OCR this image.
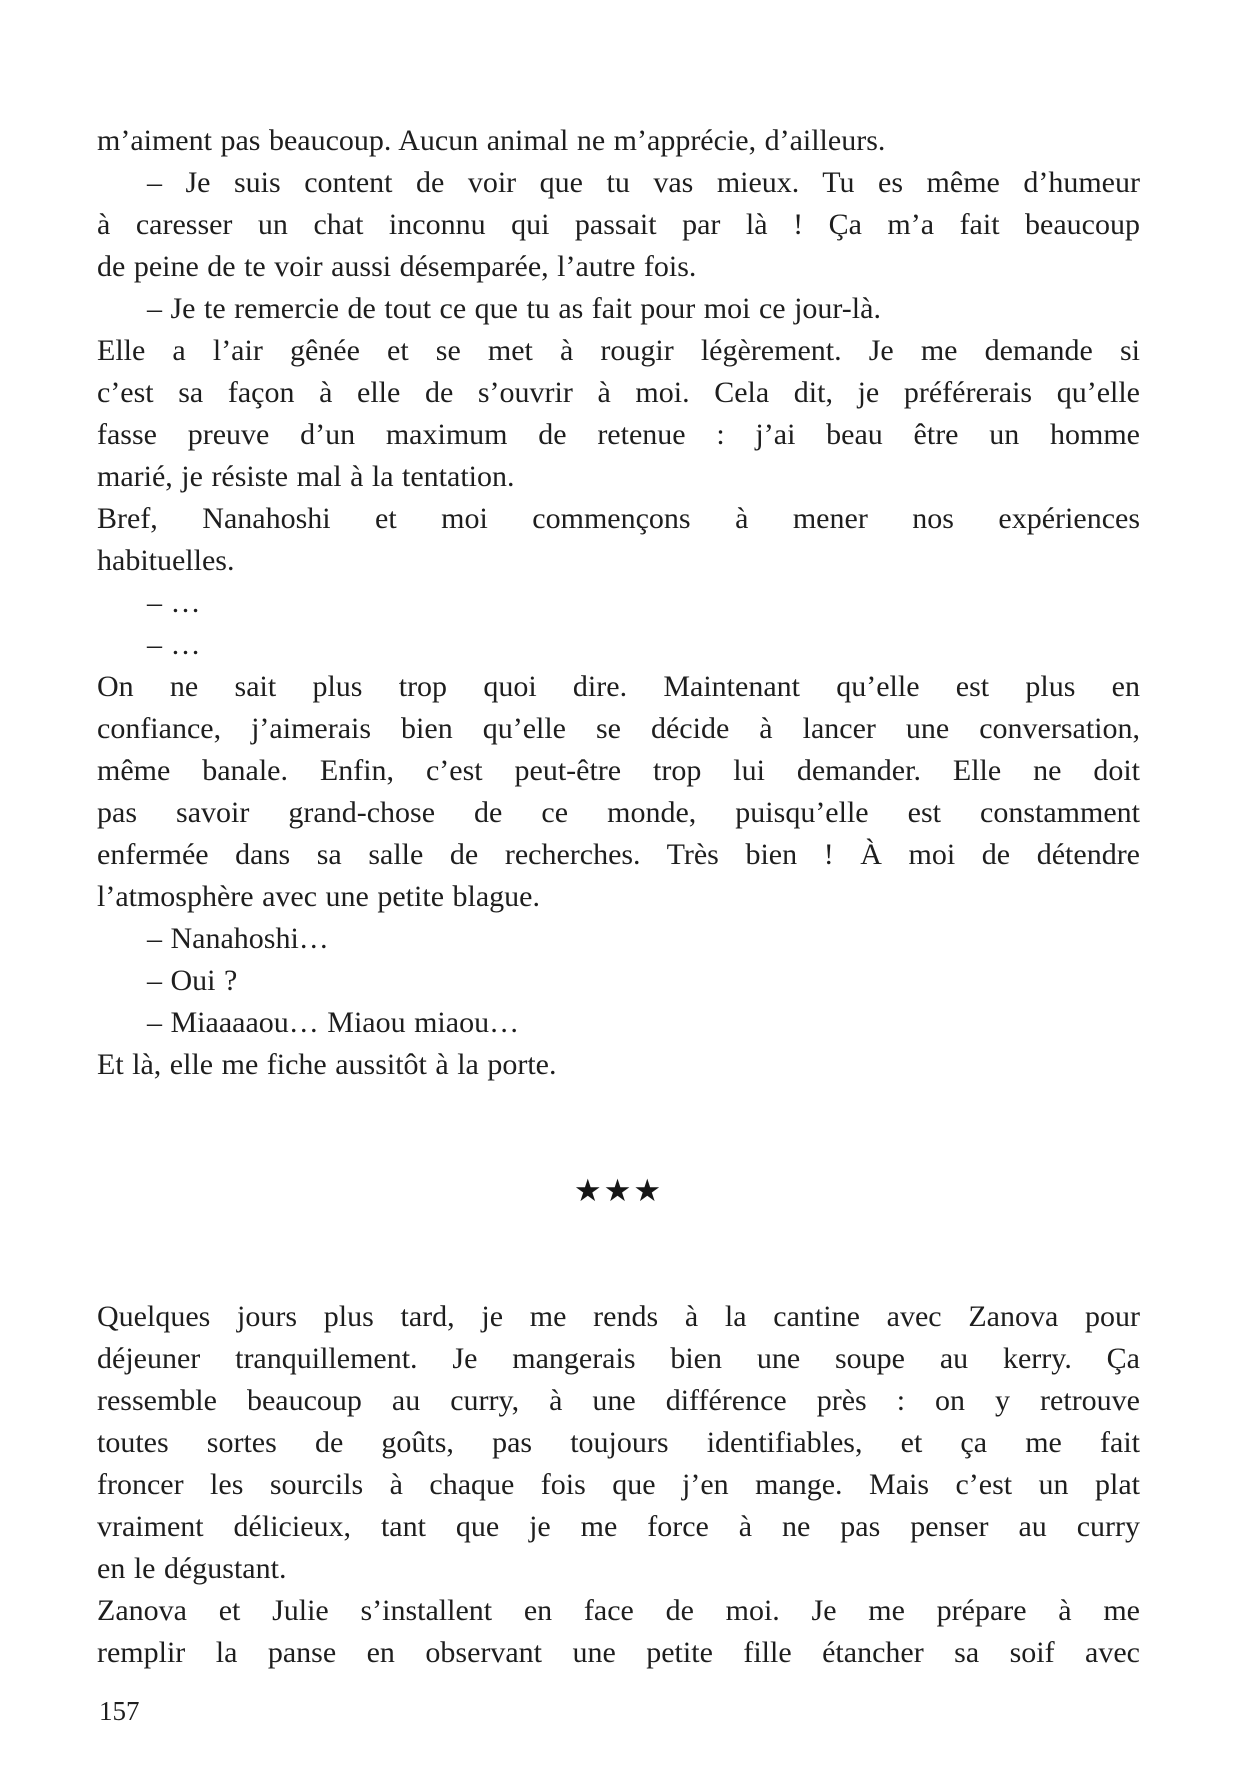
m’aiment pas beaucoup. Aucun animal ne m’apprécie, d’ailleurs.
– Je suis content de voir que tu vas mieux. Tu es même d’humeur
à caresser un chat inconnu qui passait par là ! Ça m’a fait beaucoup
de peine de te voir aussi désemparée, l’autre fois.
– Je te remercie de tout ce que tu as fait pour moi ce jour-là.
Elle a l’air gênée et se met à rougir légèrement. Je me demande si
c’est sa façon à elle de s’ouvrir à moi. Cela dit, je préférerais qu’elle
fasse preuve d’un maximum de retenue : j’ai beau être un homme
marié, je résiste mal à la tentation.
Bref, Nanahoshi et moi commençons à mener nos expériences
habituelles.
– …
– …
On ne sait plus trop quoi dire. Maintenant qu’elle est plus en
confiance, j’aimerais bien qu’elle se décide à lancer une conversation,
même banale. Enfin, c’est peut-être trop lui demander. Elle ne doit
pas savoir grand-chose de ce monde, puisqu’elle est constamment
enfermée dans sa salle de recherches. Très bien ! À moi de détendre
l’atmosphère avec une petite blague.
– Nanahoshi…
– Oui ?
– Miaaaaou… Miaou miaou…
Et là, elle me fiche aussitôt à la porte.
★★★
Quelques jours plus tard, je me rends à la cantine avec Zanova pour
déjeuner tranquillement. Je mangerais bien une soupe au kerry. Ça
ressemble beaucoup au curry, à une différence près : on y retrouve
toutes sortes de goûts, pas toujours identifiables, et ça me fait
froncer les sourcils à chaque fois que j’en mange. Mais c’est un plat
vraiment délicieux, tant que je me force à ne pas penser au curry
en le dégustant.
Zanova et Julie s’installent en face de moi. Je me prépare à me
remplir la panse en observant une petite fille étancher sa soif avec
157
